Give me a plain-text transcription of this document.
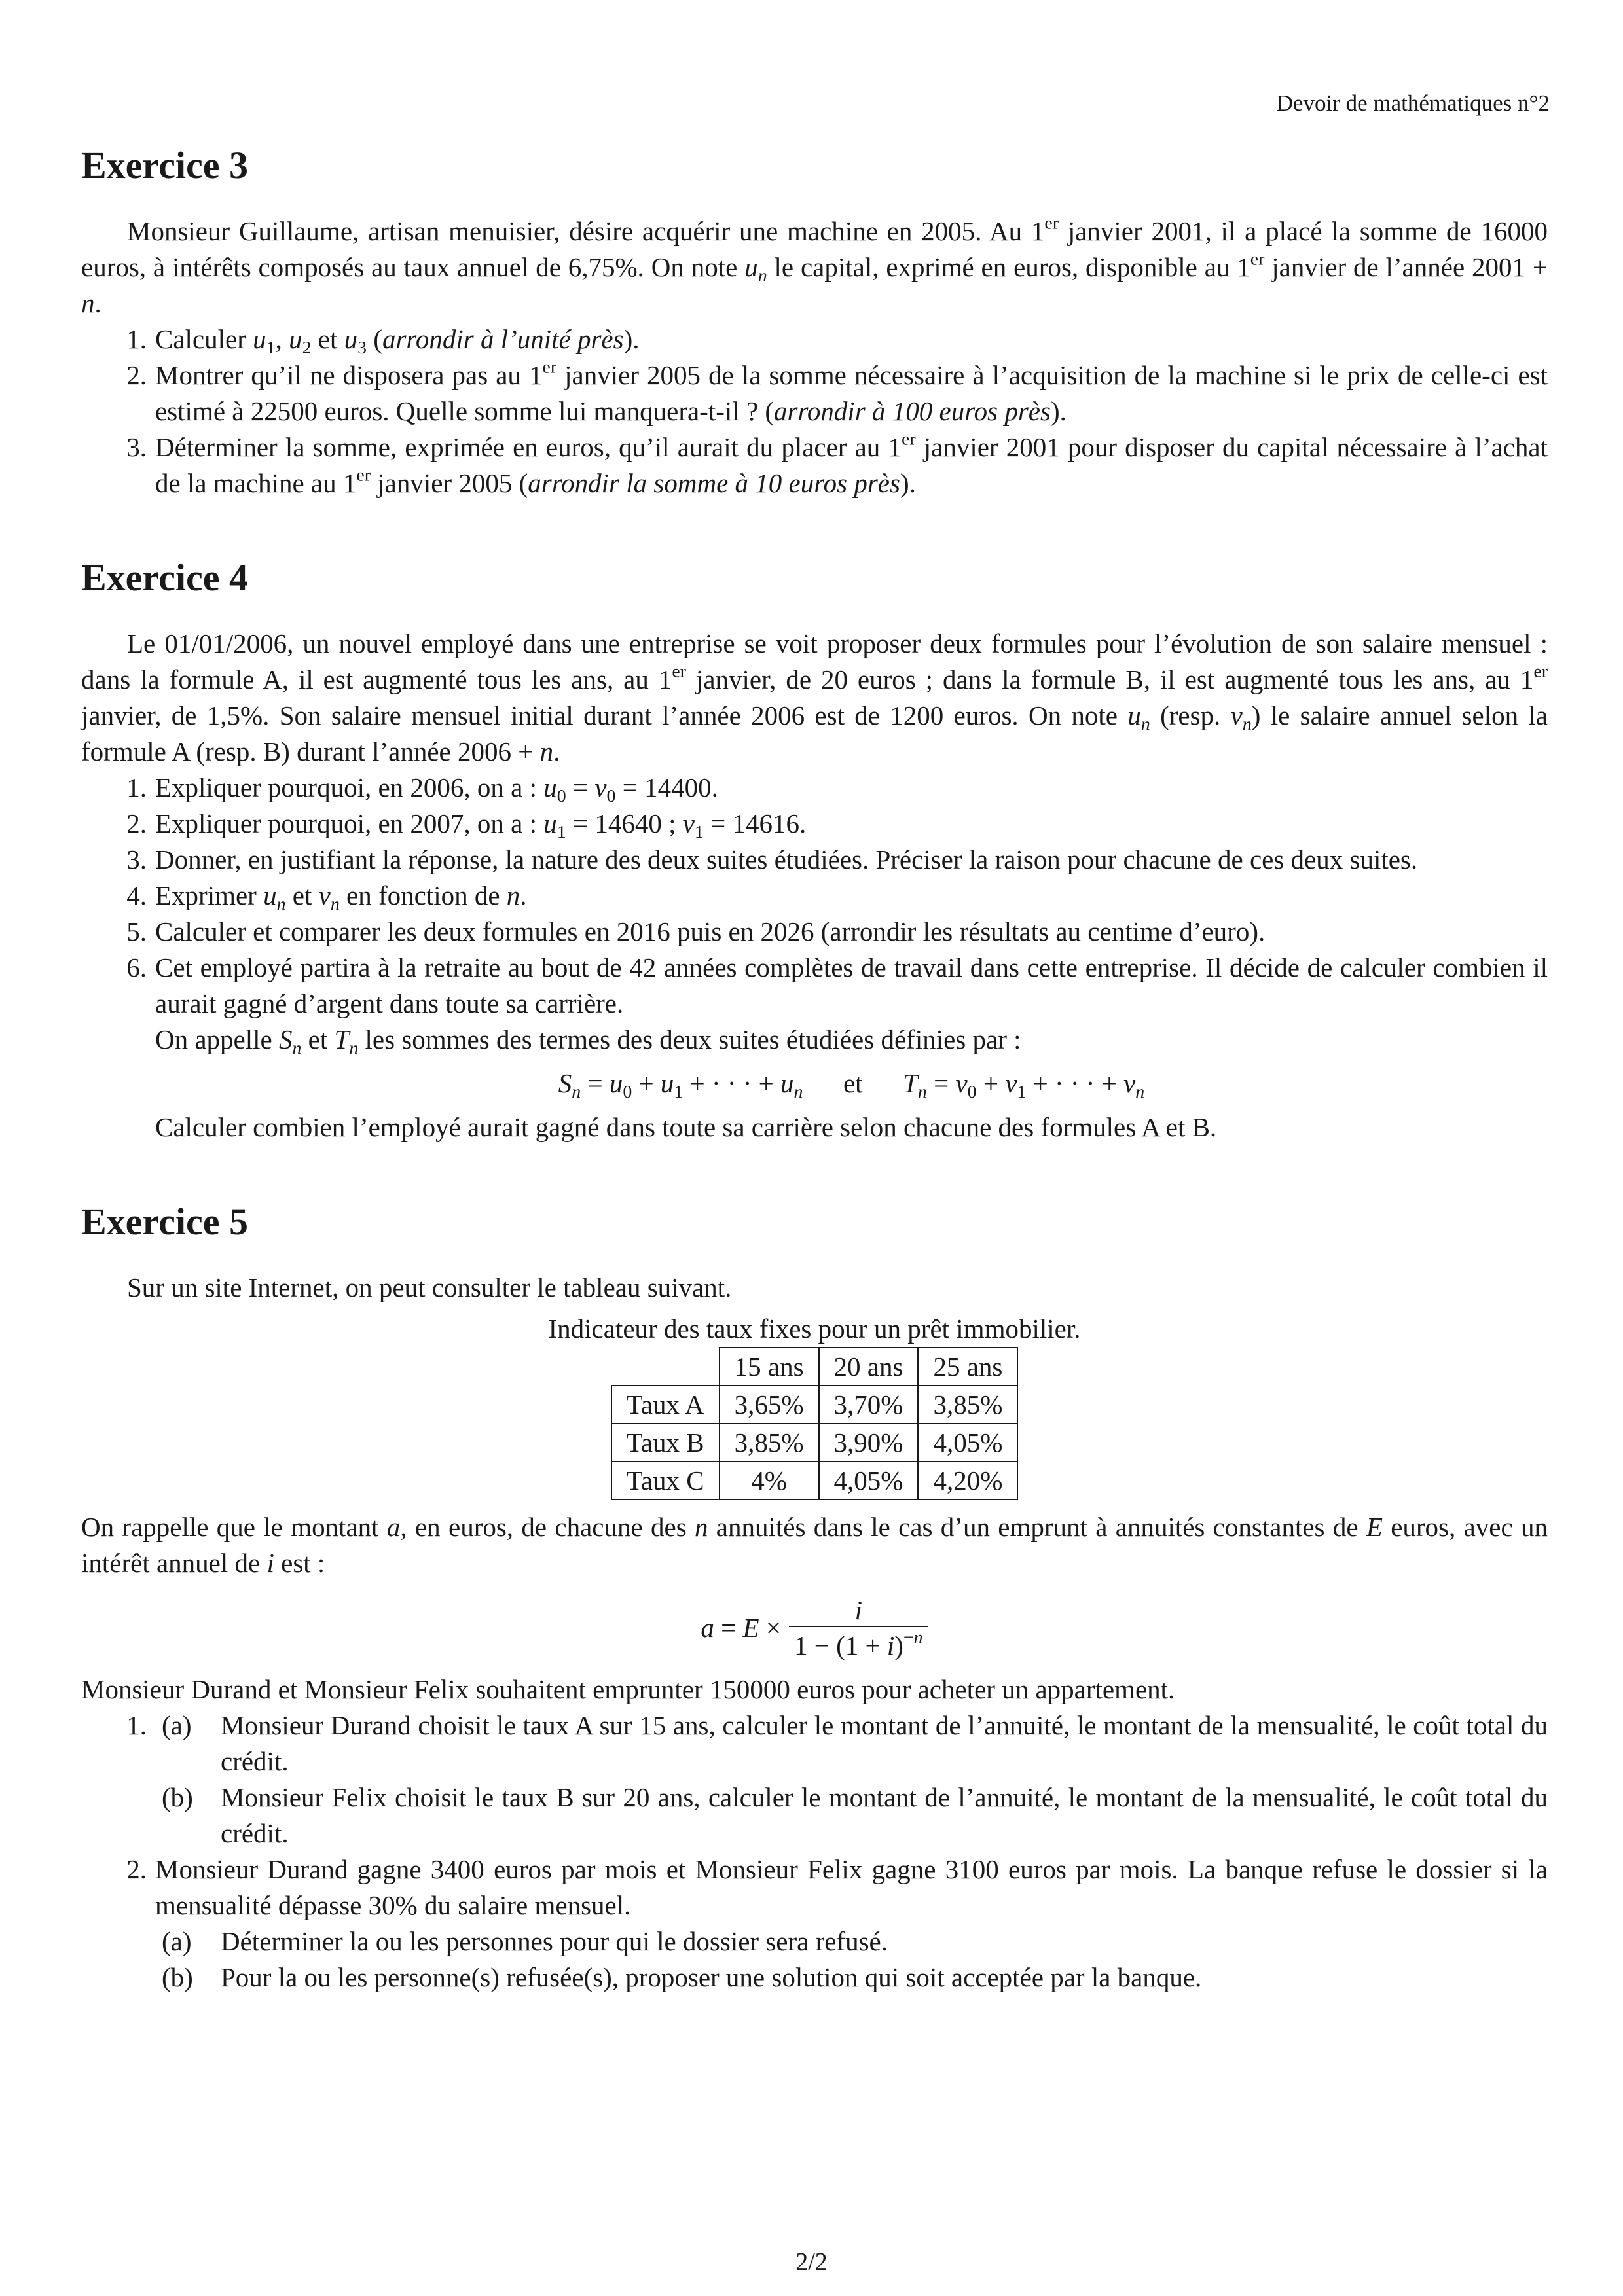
Devoir de mathématiques n°2
Exercice 3

Monsieur Guillaume, artisan menuisier, désire acquérir une machine en 2005. Au 1er janvier 2001, il a placé la somme de 16000 euros, à intérêts composés au taux annuel de 6,75%. On note $u_n$ le capital, exprimé en euros, disponible au 1er janvier de l’année 2001 + n.

1. Calculer $u_1$, $u_2$ et $u_3$ (arrondir à l’unité près).
2. Montrer qu’il ne disposera pas au 1er janvier 2005 de la somme nécessaire à l’acquisition de la machine si le prix de celle-ci est estimé à 22500 euros. Quelle somme lui manquera-t-il ? (arrondir à 100 euros près).
3. Déterminer la somme, exprimée en euros, qu’il aurait du placer au 1er janvier 2001 pour disposer du capital nécessaire à l’achat de la machine au 1er janvier 2005 (arrondir la somme à 10 euros près).
Exercice 4

Le 01/01/2006, un nouvel employé dans une entreprise se voit proposer deux formules pour l’évolution de son salaire mensuel : dans la formule A, il est augmenté tous les ans, au 1er janvier, de 20 euros ; dans la formule B, il est augmenté tous les ans, au 1er janvier, de 1,5%. Son salaire mensuel initial durant l’année 2006 est de 1200 euros. On note $u_n$ (resp. $v_n$) le salaire annuel selon la formule A (resp. B) durant l’année 2006 + n.

1. Expliquer pourquoi, en 2006, on a : $u_0 = v_0 = 14400$.
2. Expliquer pourquoi, en 2007, on a : $u_1 = 14640$ ; $v_1 = 14616$.
3. Donner, en justifiant la réponse, la nature des deux suites étudiées. Préciser la raison pour chacune de ces deux suites.
4. Exprimer $u_n$ et $v_n$ en fonction de n.
5. Calculer et comparer les deux formules en 2016 puis en 2026 (arrondir les résultats au centime d’euro).
6. Cet employé partira à la retraite au bout de 42 années complètes de travail dans cette entreprise. Il décide de calculer combien il aurait gagné d’argent dans toute sa carrière.
On appelle $S_n$ et $T_n$ les sommes des termes des deux suites étudiées définies par :
$S_n = u_0 + u_1$ + · · · + $u_n$ et $T_n = v_0 + v_1$ + · · · + $v_n$
Calculer combien l’employé aurait gagné dans toute sa carrière selon chacune des formules A et B.
Exercice 5

Sur un site Internet, on peut consulter le tableau suivant.

Indicateur des taux fixes pour un prêt immobilier.
	15 ans	20 ans	25 ans
Taux A	3,65%	3,70%	3,85%
Taux B	3,85%	3,90%	4,05%
Taux C	4%	4,05%	4,20%

On rappelle que le montant a, en euros, de chacune des n annuités dans le cas d’un emprunt à annuités constantes de E euros, avec un intérêt annuel de i est :

$a = E \times \frac{i}{1 - (1 + i)^{-n}}$

Monsieur Durand et Monsieur Felix souhaitent emprunter 150000 euros pour acheter un appartement.

1. (a) Monsieur Durand choisit le taux A sur 15 ans, calculer le montant de l’annuité, le montant de la mensualité, le coût total du crédit.
(b) Monsieur Felix choisit le taux B sur 20 ans, calculer le montant de l’annuité, le montant de la mensualité, le coût total du crédit.
2. Monsieur Durand gagne 3400 euros par mois et Monsieur Felix gagne 3100 euros par mois. La banque refuse le dossier si la mensualité dépasse 30% du salaire mensuel.
(a) Déterminer la ou les personnes pour qui le dossier sera refusé.
(b) Pour la ou les personne(s) refusée(s), proposer une solution qui soit acceptée par la banque.
2/2
